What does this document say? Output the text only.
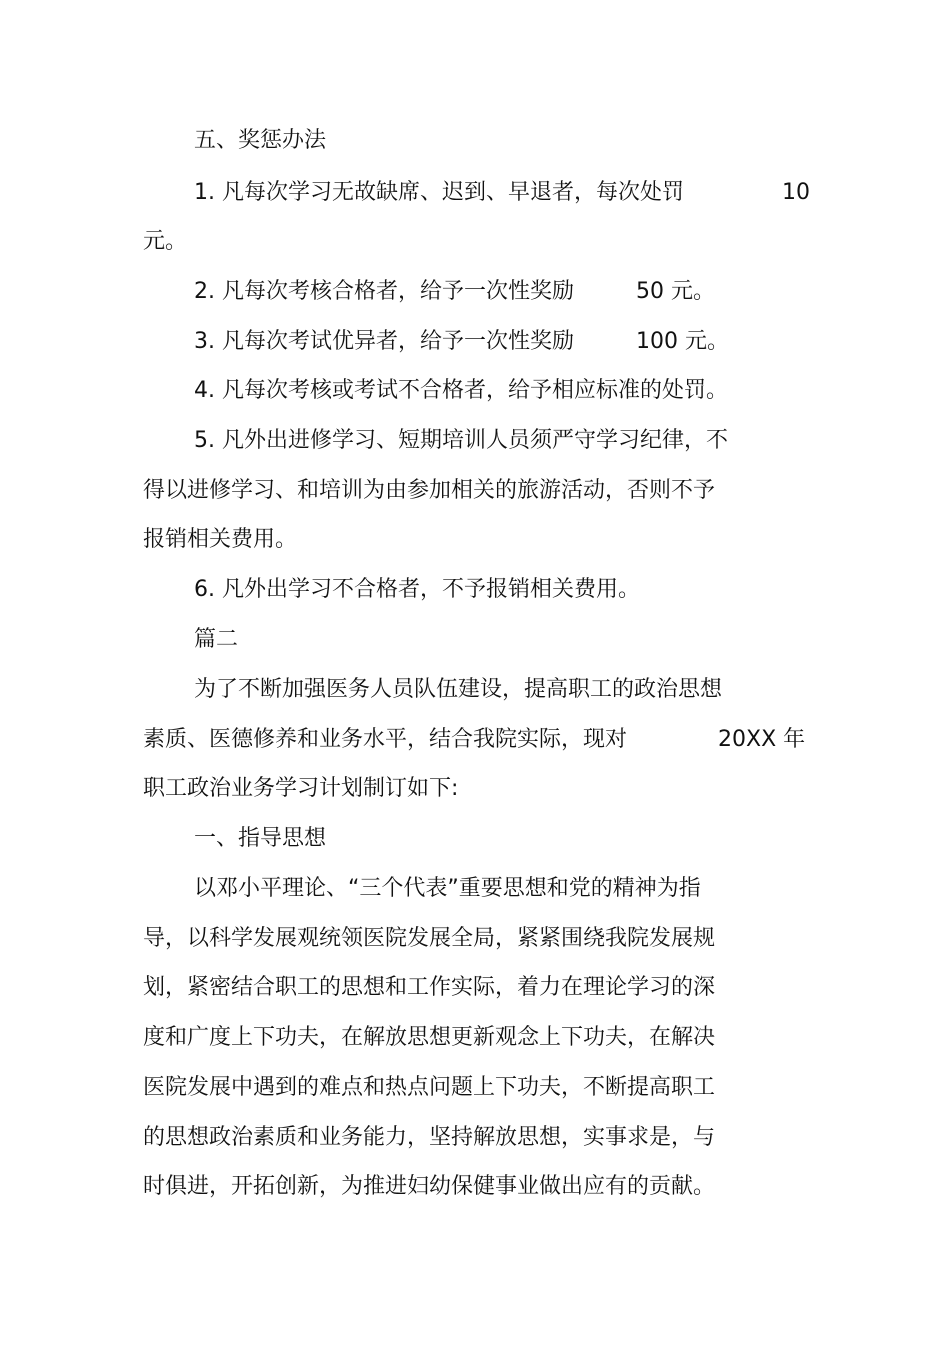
五、奖惩办法
1. 凡每次学习无故缺席、迟到、早退者，每次处罚	10
元。
2. 凡每次考核合格者，给予一次性奖励	50 元。
3. 凡每次考试优异者，给予一次性奖励	100 元。
4. 凡每次考核或考试不合格者，给予相应标准的处罚。
5. 凡外出进修学习、短期培训人员须严守学习纪律，不
得以进修学习、和培训为由参加相关的旅游活动，否则不予
报销相关费用。
6. 凡外出学习不合格者，不予报销相关费用。
篇二
为了不断加强医务人员队伍建设，提高职工的政治思想
素质、医德修养和业务水平，结合我院实际，现对	20XX 年
职工政治业务学习计划制订如下:
一、指导思想
以邓小平理论、“三个代表”重要思想和党的精神为指
导，以科学发展观统领医院发展全局，紧紧围绕我院发展规
划，紧密结合职工的思想和工作实际，着力在理论学习的深
度和广度上下功夫，在解放思想更新观念上下功夫，在解决
医院发展中遇到的难点和热点问题上下功夫，不断提高职工
的思想政治素质和业务能力，坚持解放思想，实事求是，与
时俱进，开拓创新，为推进妇幼保健事业做出应有的贡献。
